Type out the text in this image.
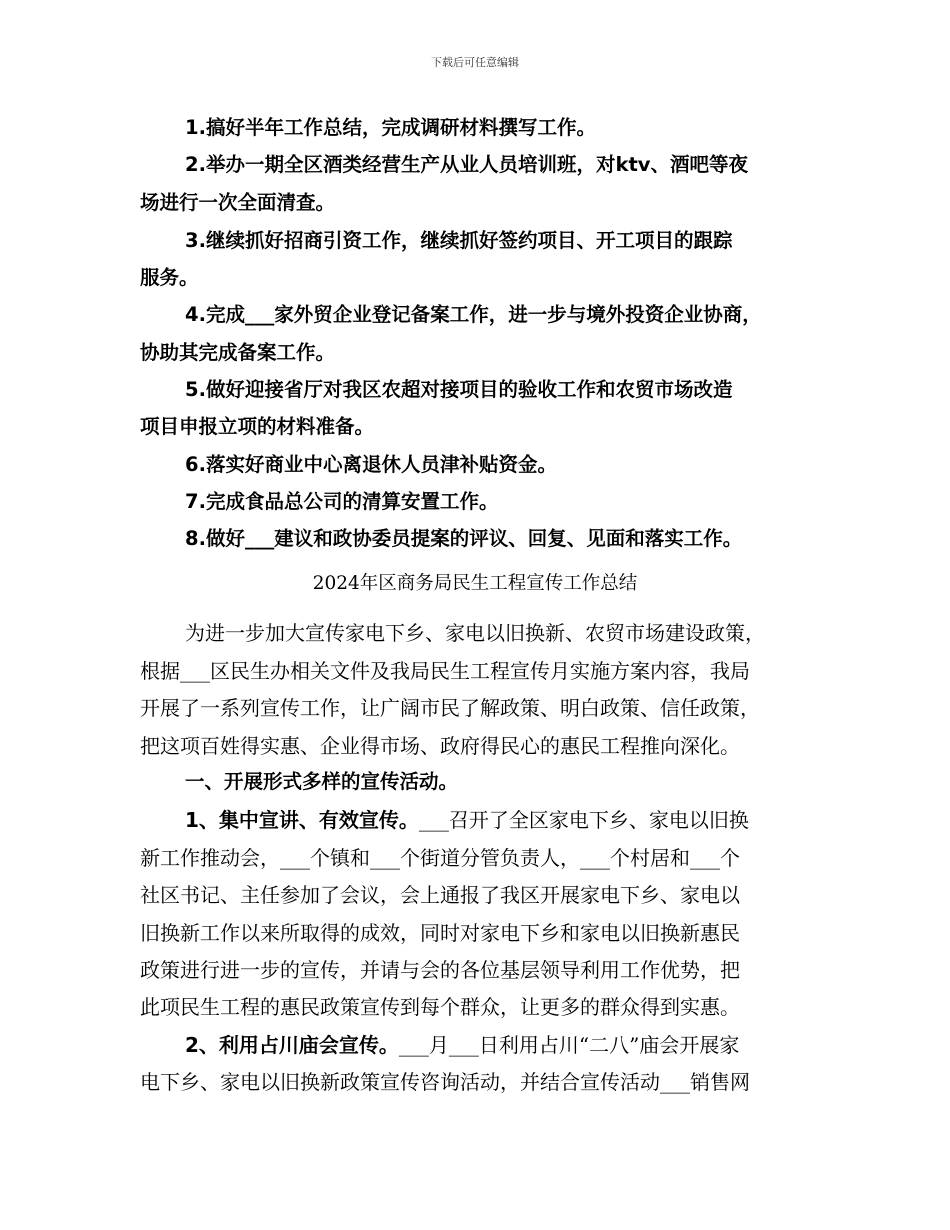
下载后可任意编辑
1.搞好半年工作总结，完成调研材料撰写工作。
2.举办一期全区酒类经营生产从业人员培训班，对ktv、酒吧等夜
场进行一次全面清查。
3.继续抓好招商引资工作，继续抓好签约项目、开工项目的跟踪
服务。
4.完成___家外贸企业登记备案工作，进一步与境外投资企业协商，
协助其完成备案工作。
5.做好迎接省厅对我区农超对接项目的验收工作和农贸市场改造
项目申报立项的材料准备。
6.落实好商业中心离退休人员津补贴资金。
7.完成食品总公司的清算安置工作。
8.做好___建议和政协委员提案的评议、回复、见面和落实工作。
2024年区商务局民生工程宣传工作总结
为进一步加大宣传家电下乡、家电以旧换新、农贸市场建设政策，
根据___区民生办相关文件及我局民生工程宣传月实施方案内容，我局
开展了一系列宣传工作，让广阔市民了解政策、明白政策、信任政策，
把这项百姓得实惠、企业得市场、政府得民心的惠民工程推向深化。
一、开展形式多样的宣传活动。
1、集中宣讲、有效宣传。___召开了全区家电下乡、家电以旧换
新工作推动会，___个镇和___个街道分管负责人，___个村居和___个
社区书记、主任参加了会议，会上通报了我区开展家电下乡、家电以
旧换新工作以来所取得的成效，同时对家电下乡和家电以旧换新惠民
政策进行进一步的宣传，并请与会的各位基层领导利用工作优势，把
此项民生工程的惠民政策宣传到每个群众，让更多的群众得到实惠。
2、利用占川庙会宣传。___月___日利用占川“二八”庙会开展家
电下乡、家电以旧换新政策宣传咨询活动，并结合宣传活动___销售网
